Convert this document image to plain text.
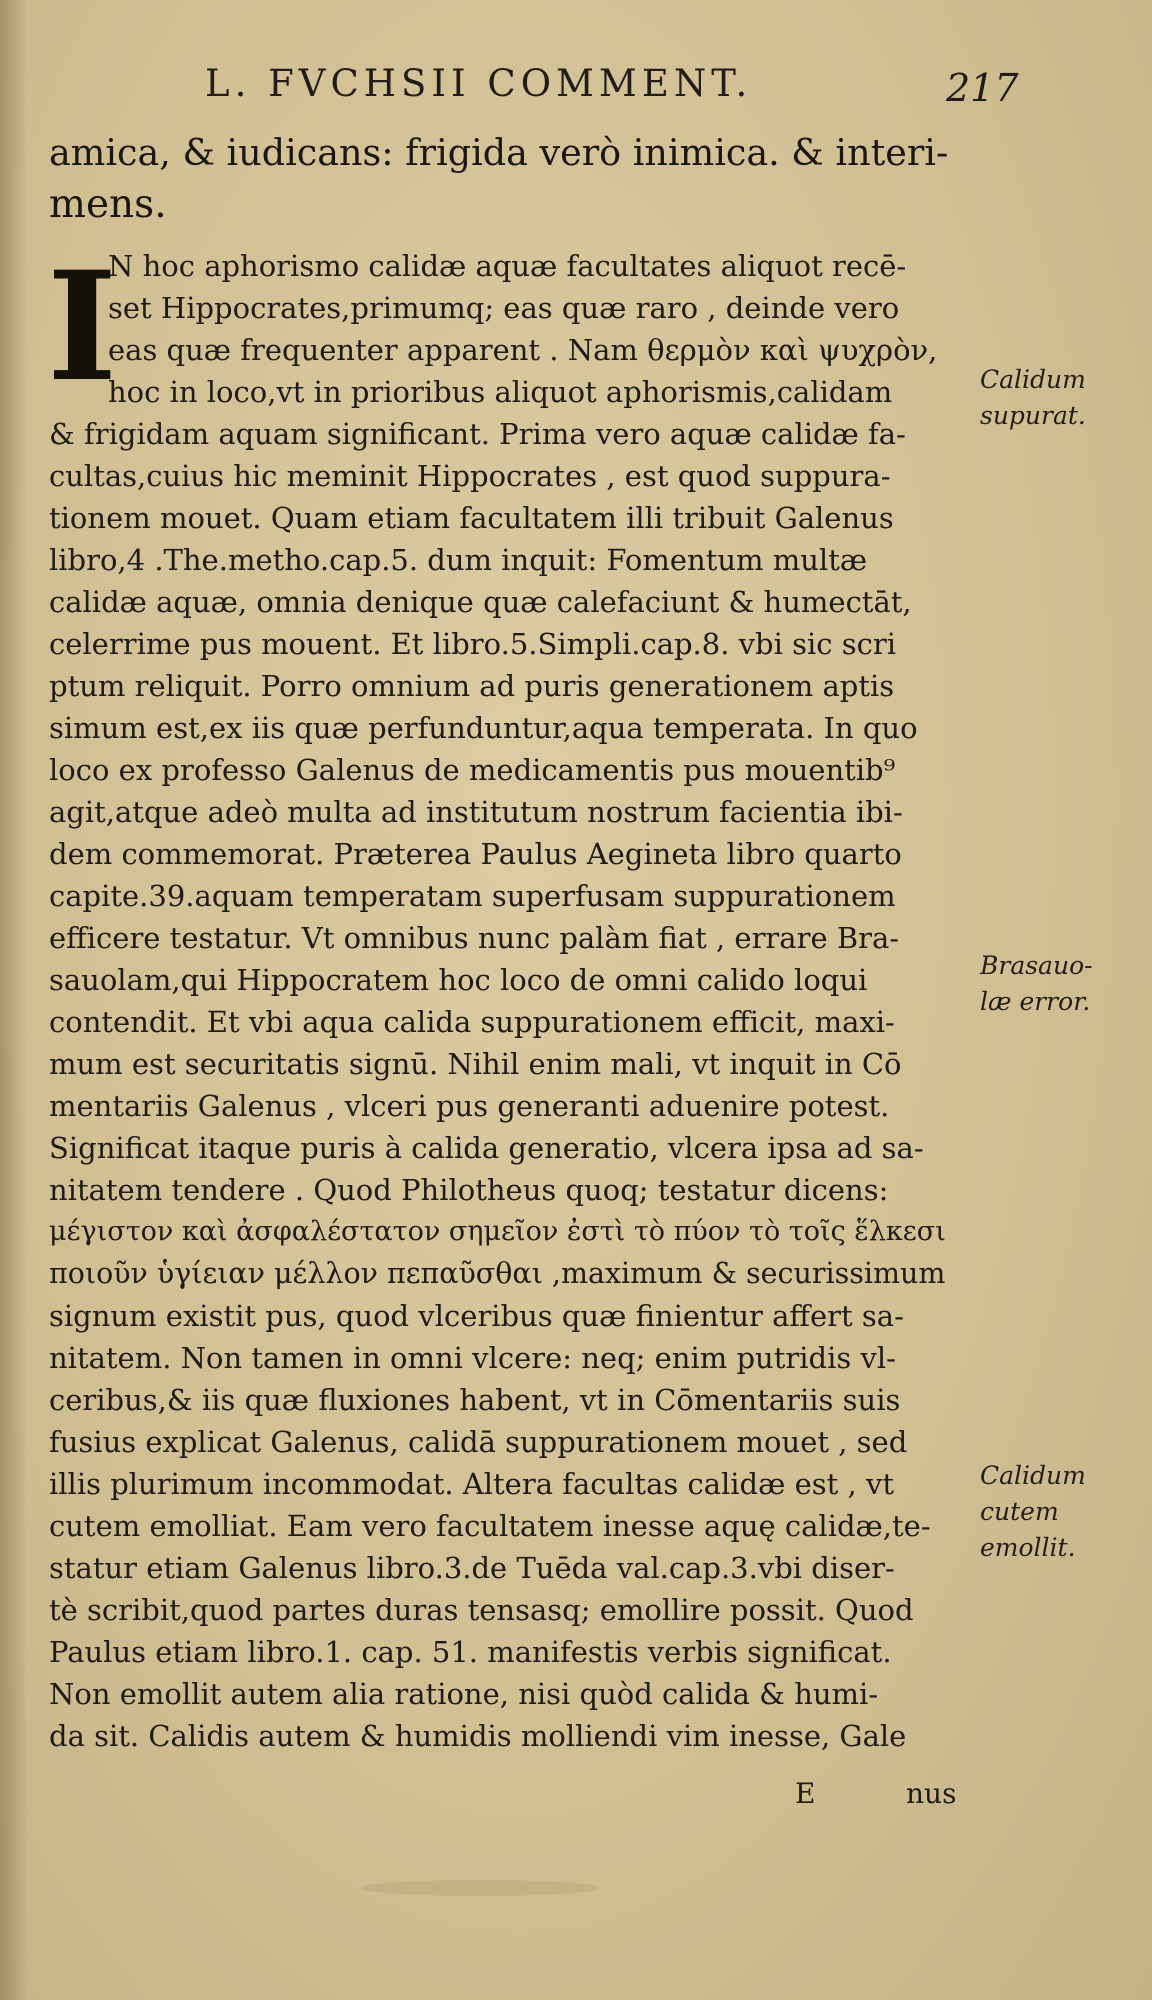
L. FVCHSII COMMENT.	217
amica, & iudicans: frigida verò inimica. & interi-
mens.
I
N hoc aphorismo calidæ aquæ facultates aliquot recē-
set Hippocrates,primumq; eas quæ raro , deinde vero
eas quæ frequenter apparent . Nam θερμὸν καὶ ψυχρὸν,
hoc in loco,vt in prioribus aliquot aphorismis,calidam
& frigidam aquam significant. Prima vero aquæ calidæ fa-
cultas,cuius hic meminit Hippocrates , est quod suppura-
tionem mouet. Quam etiam facultatem illi tribuit Galenus
libro,4 .The.metho.cap.5. dum inquit: Fomentum multæ
calidæ aquæ, omnia denique quæ calefaciunt & humectāt,
celerrime pus mouent. Et libro.5.Simpli.cap.8. vbi sic scri
ptum reliquit. Porro omnium ad puris generationem aptis
simum est,ex iis quæ perfunduntur,aqua temperata. In quo
loco ex professo Galenus de medicamentis pus mouentib⁹
agit,atque adeò multa ad institutum nostrum facientia ibi-
dem commemorat. Præterea Paulus Aegineta libro quarto
capite.39.aquam temperatam superfusam suppurationem
efficere testatur. Vt omnibus nunc palàm fiat , errare Bra-
sauolam,qui Hippocratem hoc loco de omni calido loqui
contendit. Et vbi aqua calida suppurationem efficit, maxi-
mum est securitatis signū. Nihil enim mali, vt inquit in Cō
mentariis Galenus , vlceri pus generanti aduenire potest.
Significat itaque puris à calida generatio, vlcera ipsa ad sa-
nitatem tendere . Quod Philotheus quoq; testatur dicens:
μέγιστον καὶ ἀσφαλέστατον σημεῖον ἐστὶ τὸ πύον τὸ τοῖς ἕλκεσι
ποιοῦν ὑγίειαν μέλλον πεπαῦσθαι ,maximum & securissimum
signum existit pus, quod vlceribus quæ finientur affert sa-
nitatem. Non tamen in omni vlcere: neq; enim putridis vl-
ceribus,& iis quæ fluxiones habent, vt in Cōmentariis suis
fusius explicat Galenus, calidā suppurationem mouet , sed
illis plurimum incommodat. Altera facultas calidæ est , vt
cutem emolliat. Eam vero facultatem inesse aquę calidæ,te-
statur etiam Galenus libro.3.de Tuēda val.cap.3.vbi diser-
tè scribit,quod partes duras tensasq; emollire possit. Quod
Paulus etiam libro.1. cap. 51. manifestis verbis significat.
Non emollit autem alia ratione, nisi quòd calida & humi-
da sit. Calidis autem & humidis molliendi vim inesse, Gale
E	nus
Calidum
supurat.
Brasauo-
læ error.
Calidum
cutem
emollit.
